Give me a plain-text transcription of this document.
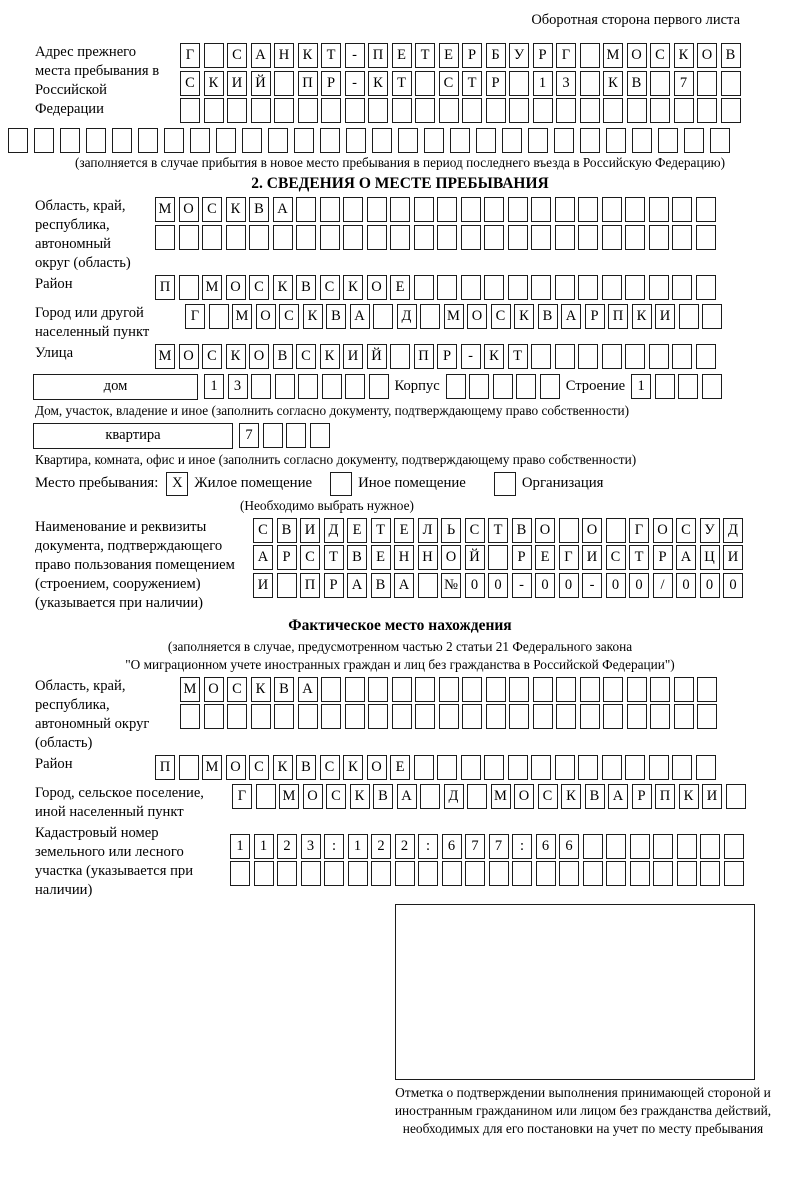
Оборотная сторона первого листа
Адрес прежнего места пребывания в Российской Федерации
Г	С А Н К Т	-	П Е	Т	Е	Р	Б У Р	Г	М О С К О В
С К И Й	П Р	-	К Т	С Т	Р	1	3	К В	7
(заполняется в случае прибытия в новое место пребывания в период последнего въезда в Российскую Федерацию)
2. СВЕДЕНИЯ О МЕСТЕ ПРЕБЫВАНИЯ
Область, край, республика, автономный округ (область)
М О С К В А
Район	П	М О С К В С К О Е
Город или другой населенный пункт
Г	М О С К В А	Д	М О С К В А Р П К И
Улица	М О С К О В С К И Й	П Р	-	К Т
дом	1	3	Корпус	Строение 1
Дом, участок, владение и иное (заполнить согласно документу, подтверждающему право собственности)
квартира	7
Квартира, комната, офис и иное (заполнить согласно документу, подтверждающему право собственности)
Место пребывания: X Жилое помещение	Иное помещение	Организация
(Необходимо выбрать нужное)
Наименование и реквизиты документа, подтверждающего право пользования помещением (строением, сооружением) (указывается при наличии)
С В И Д Е	Т	Е Л Ь	С Т В О	О	Г О С У Д
А Р	С Т В Е Н Н О Й	Р	Е	Г И С Т	Р А Ц И
И	П Р А В А	№ 0	0	-	0	0	-	0	0	/	0	0	0
Фактическое место нахождения
(заполняется в случае, предусмотренном частью 2 статьи 21 Федерального закона
"О миграционном учете иностранных граждан и лиц без гражданства в Российской Федерации")
Область, край, республика, автономный округ (область)
М О С К В А
Район	П	М О С К В С К О Е
Город, сельское поселение, иной населенный пункт
Г	М О С К В А	Д	М О С К В А Р П К И
Кадастровый номер земельного или лесного участка (указывается при наличии)
1	1	2	3	:	1	2	2	:	6	7	7	:	6	6
Отметка о подтверждении выполнения принимающей стороной и иностранным гражданином или лицом без гражданства действий, необходимых для его постановки на учет по месту пребывания
